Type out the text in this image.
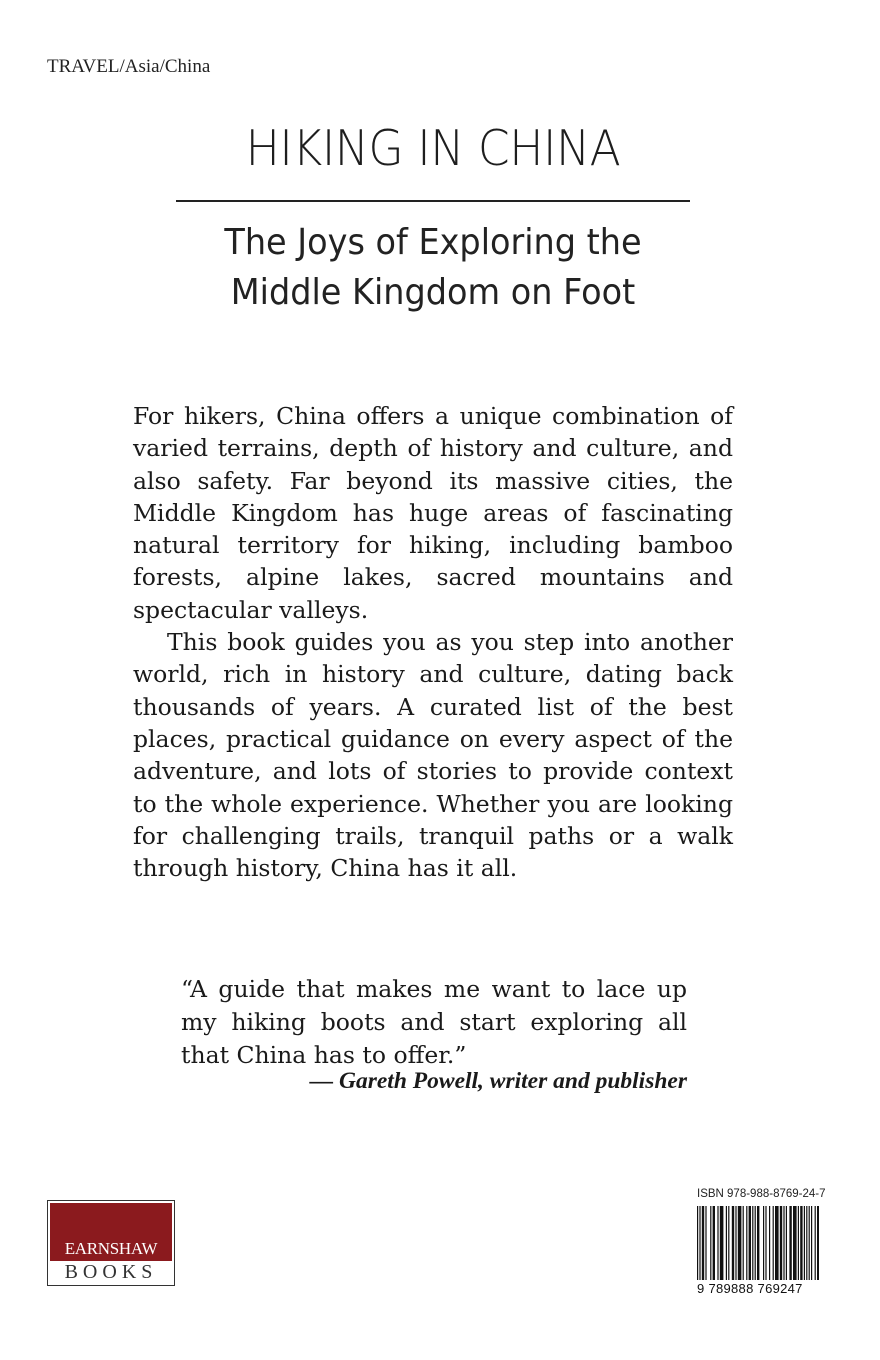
TRAVEL/Asia/China
HIKING IN CHINA
The Joys of Exploring the
Middle Kingdom on Foot

For hikers, China offers a unique combination of varied terrains, depth of history and culture, and also safety. Far beyond its massive cities, the Middle Kingdom has huge areas of fascinating natural territory for hiking, including bamboo forests, alpine lakes, sacred mountains and spectacular valleys.

This book guides you as you step into another world, rich in history and culture, dating back thousands of years. A curated list of the best places, practical guidance on every aspect of the adventure, and lots of stories to provide context to the whole experience. Whether you are looking for challenging trails, tranquil paths or a walk through history, China has it all.

“A guide that makes me want to lace up my hiking boots and start exploring all that China has to offer.”
— Gareth Powell, writer and publisher
EARNSHAW
BOOKS
ISBN 978-988-8769-24-7
9 789888 769247
